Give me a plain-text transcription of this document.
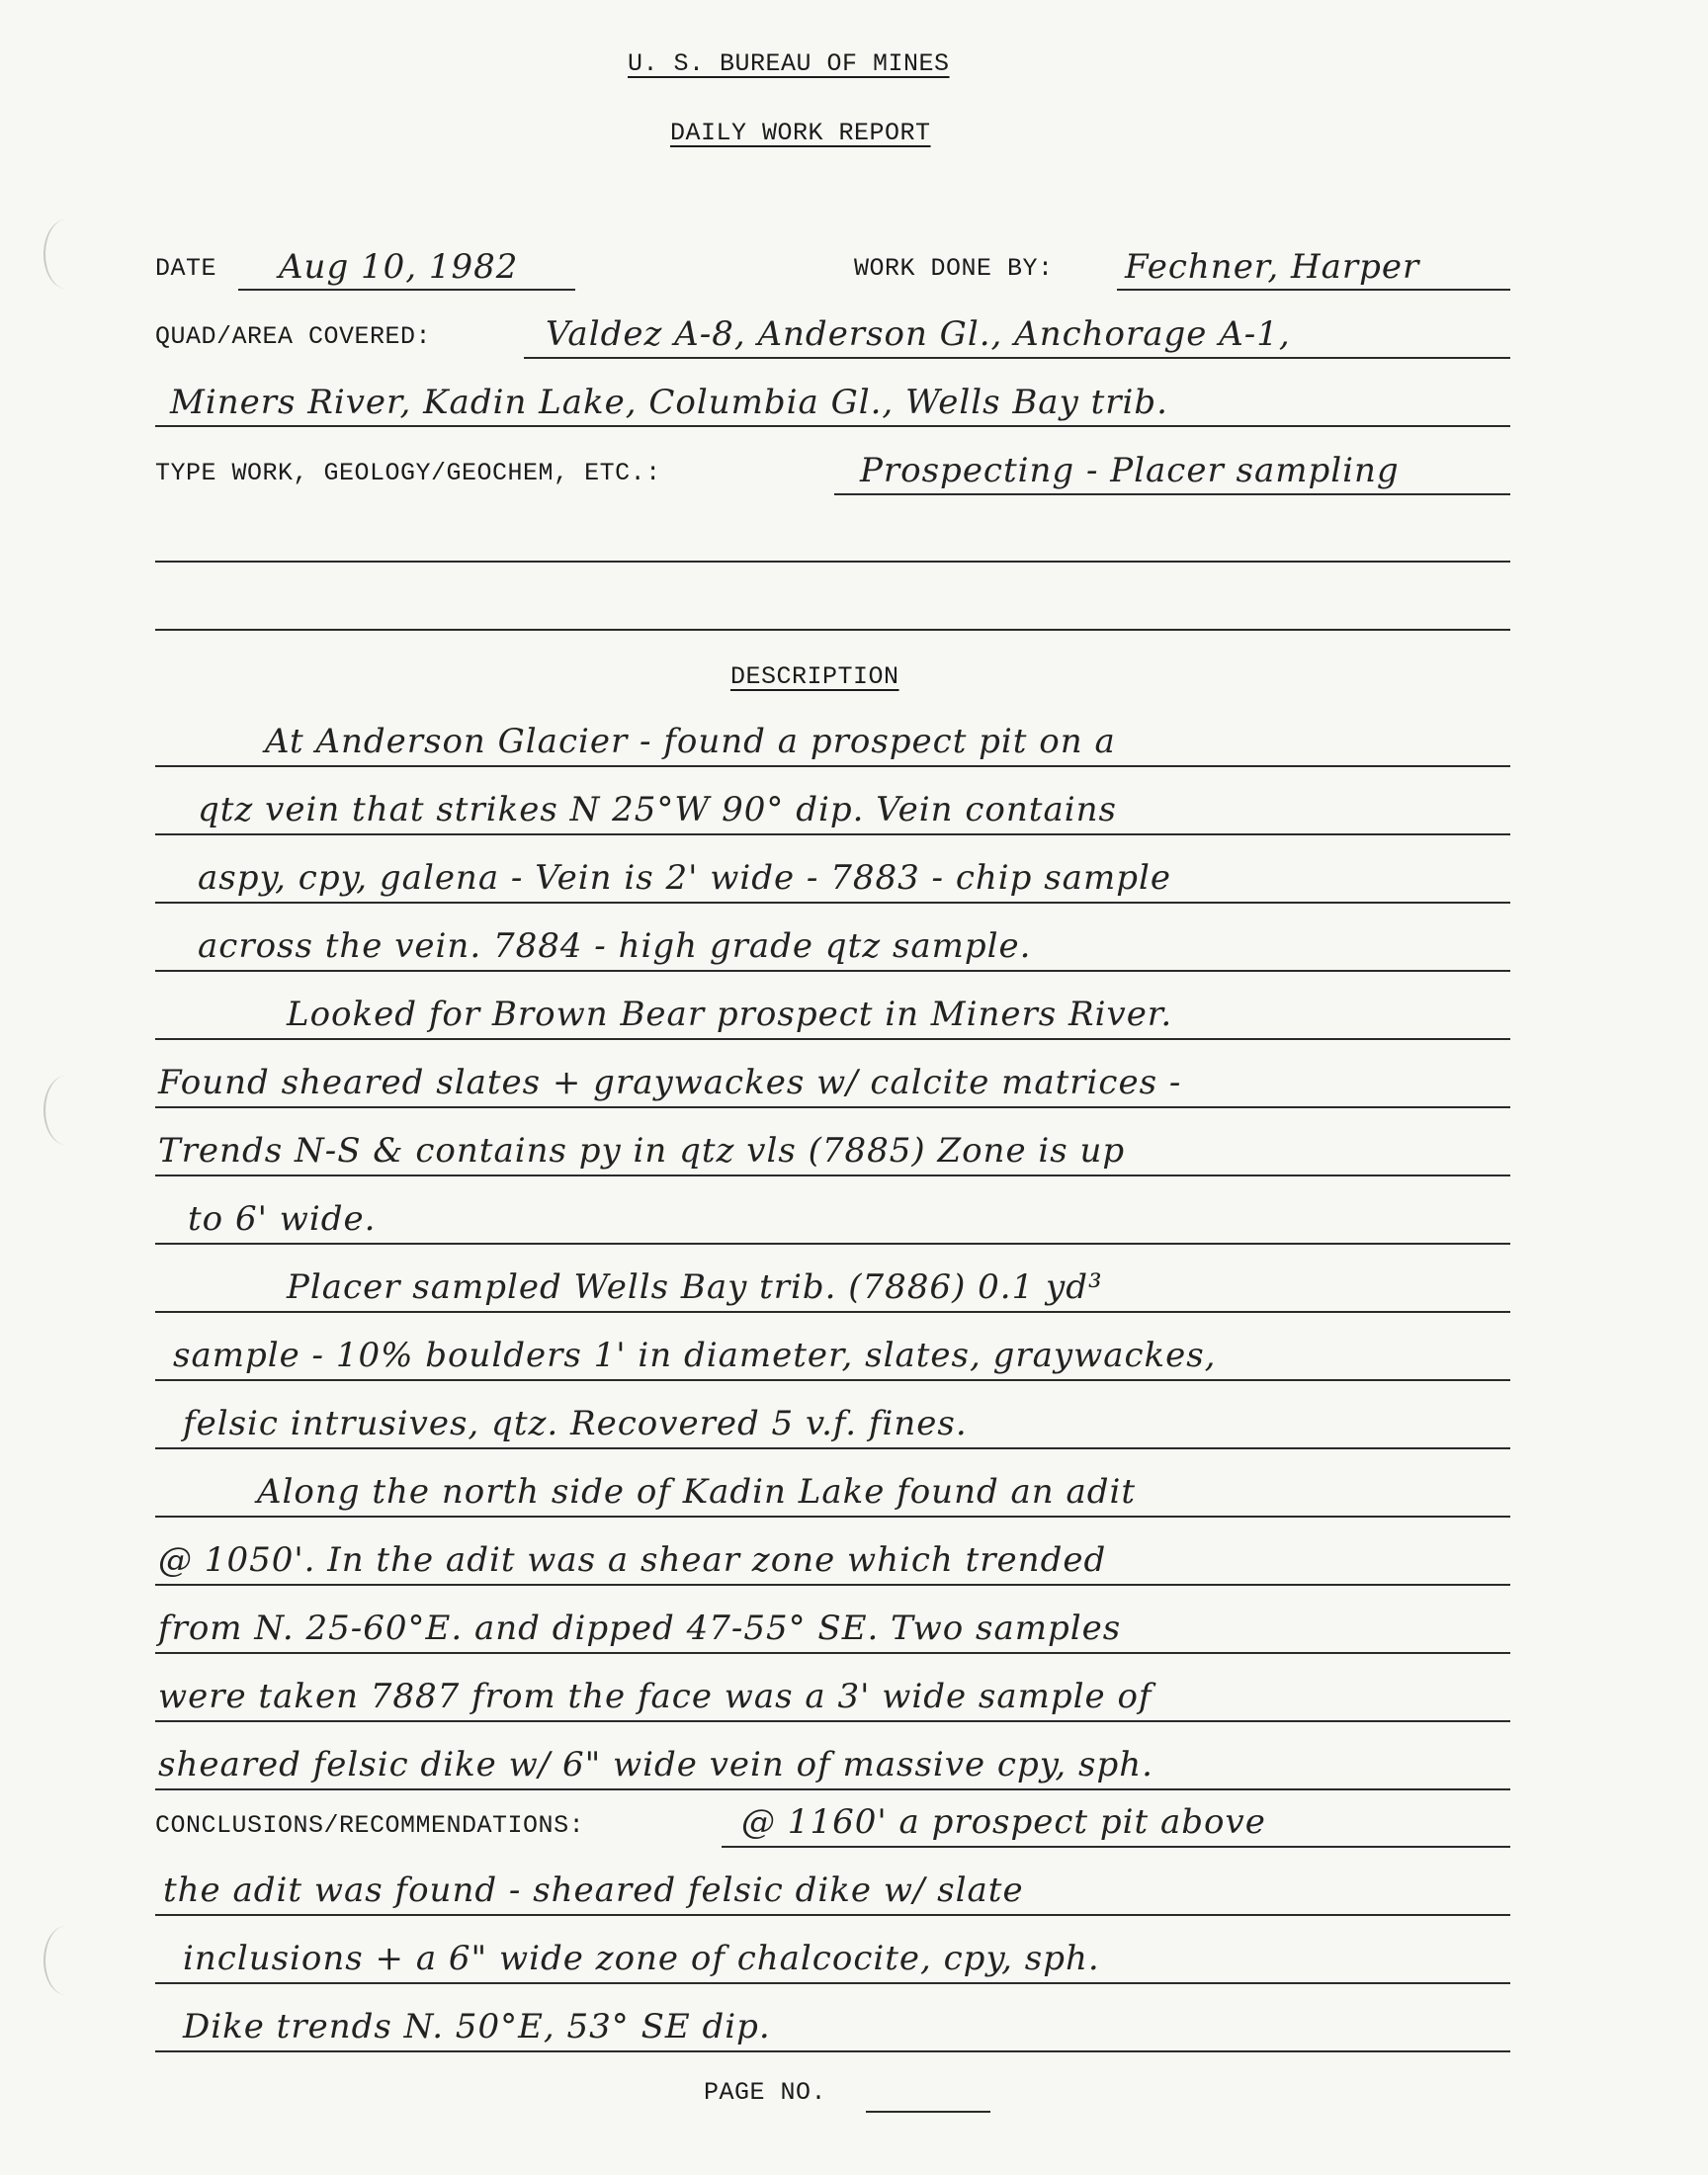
U. S. BUREAU OF MINES
DAILY WORK REPORT
DATE Aug 10, 1982	WORK DONE BY: Fechner, Harper
QUAD/AREA COVERED:	Valdez A-8, Anderson Gl., Anchorage A-1,
Miners River, Kadin Lake, Columbia Gl., Wells Bay trib.
TYPE WORK, GEOLOGY/GEOCHEM, ETC.:	Prospecting - Placer sampling
DESCRIPTION
At Anderson Glacier - found a prospect pit on a
qtz vein that strikes N 25°W 90° dip. Vein contains
aspy, cpy, galena - Vein is 2' wide - 7883 - chip sample
across the vein. 7884 - high grade qtz sample.
Looked for Brown Bear prospect in Miners River.
Found sheared slates + graywackes w/ calcite matrices -
Trends N-S & contains py in qtz vls (7885) Zone is up
to 6' wide.
Placer sampled Wells Bay trib. (7886) 0.1 yd³
sample - 10% boulders 1' in diameter, slates, graywackes,
felsic intrusives, qtz. Recovered 5 v.f. fines.
Along the north side of Kadin Lake found an adit
@ 1050'. In the adit was a shear zone which trended
from N. 25-60°E. and dipped 47-55° SE. Two samples
were taken 7887 from the face was a 3' wide sample of
sheared felsic dike w/ 6" wide vein of massive cpy, sph.
CONCLUSIONS/RECOMMENDATIONS:	@ 1160' a prospect pit above
the adit was found - sheared felsic dike w/ slate
inclusions + a 6" wide zone of chalcocite, cpy, sph.
Dike trends N. 50°E, 53° SE dip.
PAGE NO.
